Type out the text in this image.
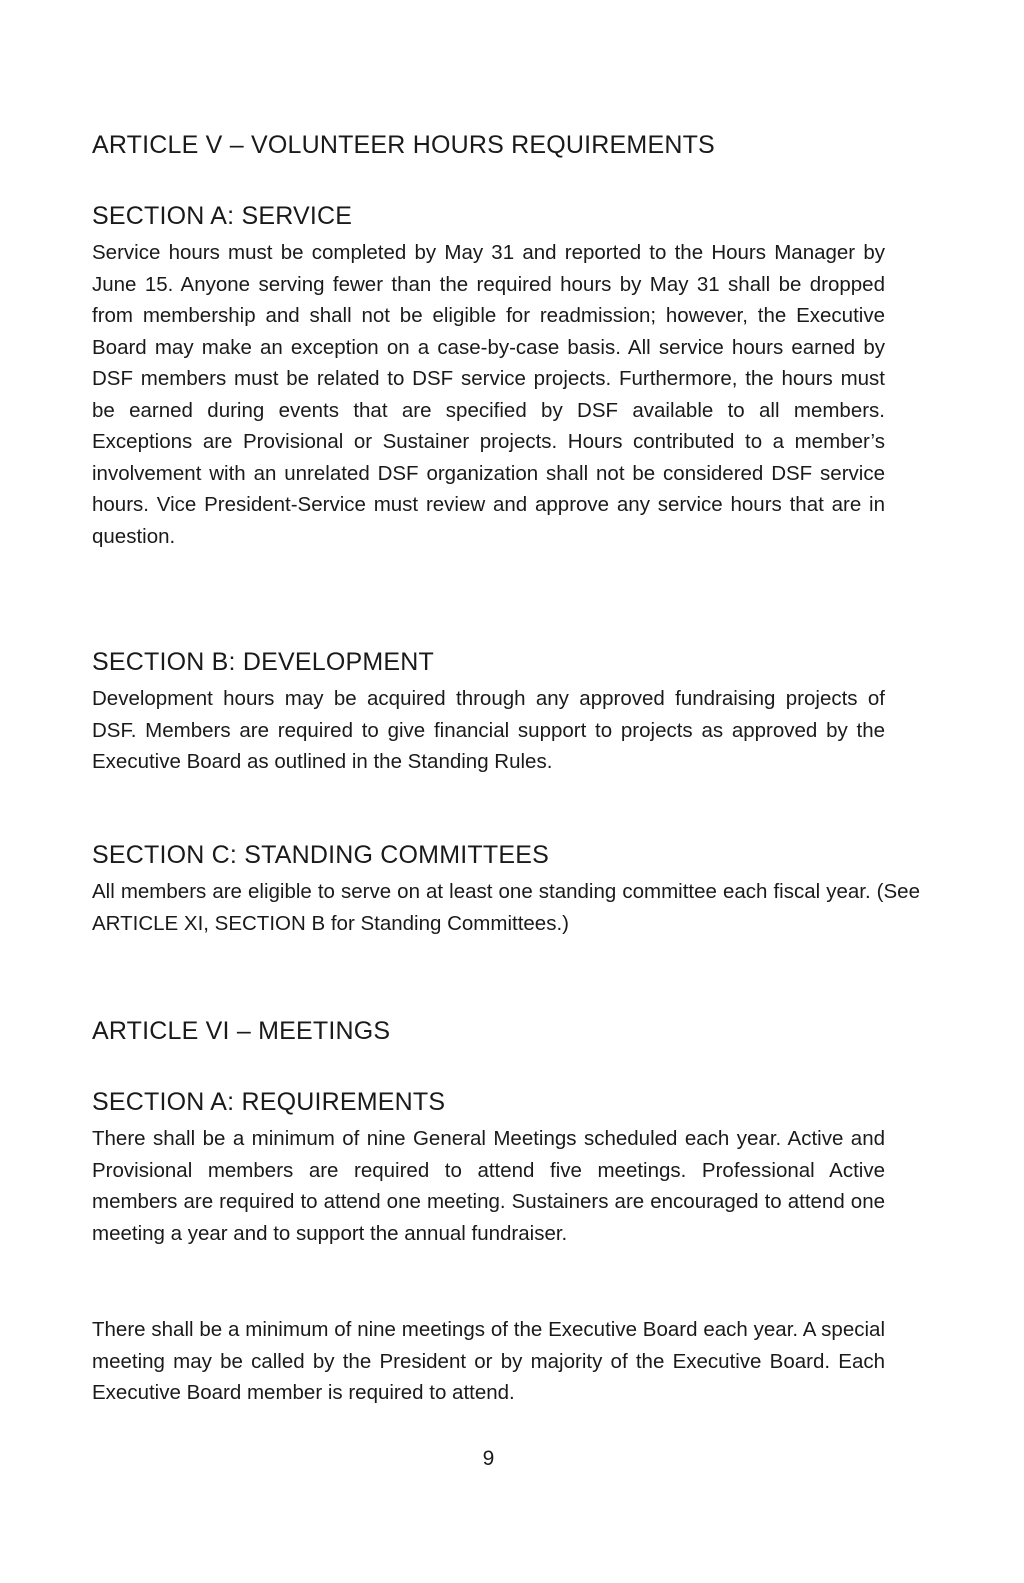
ARTICLE V – VOLUNTEER HOURS REQUIREMENTS
SECTION A: SERVICE

Service hours must be completed by May 31 and reported to the Hours Manager by June 15. Anyone serving fewer than the required hours by May 31 shall be dropped from membership and shall not be eligible for readmission; however, the Executive Board may make an exception on a case-by-case basis. All service hours earned by DSF members must be related to DSF service projects. Furthermore, the hours must be earned during events that are specified by DSF available to all members. Exceptions are Provisional or Sustainer projects. Hours contributed to a member’s involvement with an unrelated DSF organization shall not be considered DSF service hours. Vice President-Service must review and approve any service hours that are in question.

SECTION B: DEVELOPMENT

Development hours may be acquired through any approved fundraising projects of DSF. Members are required to give financial support to projects as approved by the Executive Board as outlined in the Standing Rules.

SECTION C: STANDING COMMITTEES

All members are eligible to serve on at least one standing committee each fiscal year. (See ARTICLE XI, SECTION B for Standing Committees.)

ARTICLE VI – MEETINGS
SECTION A: REQUIREMENTS

There shall be a minimum of nine General Meetings scheduled each year. Active and Provisional members are required to attend five meetings. Professional Active members are required to attend one meeting. Sustainers are encouraged to attend one meeting a year and to support the annual fundraiser.

There shall be a minimum of nine meetings of the Executive Board each year. A special meeting may be called by the President or by majority of the Executive Board. Each Executive Board member is required to attend.

9
